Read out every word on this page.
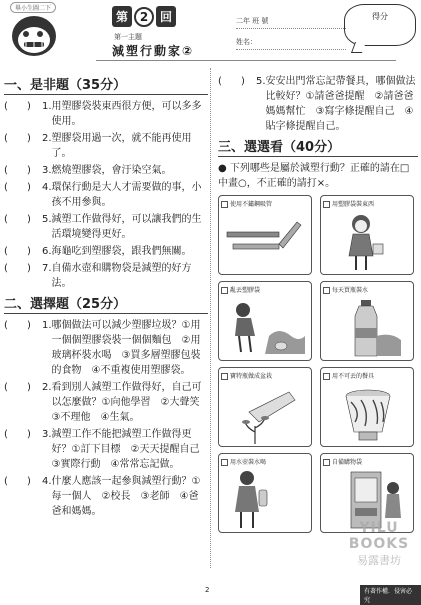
畢小生圖二下
第 2 回
第一主題
減塑行動家②
二年 班 號
姓名：
得分
一、是非題（35分）
(      )	1. 用塑膠袋裝東西很方便，可以多多使用。
(      )	2. 塑膠袋用過一次，就不能再使用了。
(      )	3. 燃燒塑膠袋，會汙染空氣。
(      )	4. 環保行動是大人才需要做的事，小孩不用參與。
(      )	5. 減塑工作做得好，可以讓我們的生活環境變得更好。
(      )	6. 海龜吃到塑膠袋，跟我們無關。
(      )	7. 自備水壺和購物袋是減塑的好方法。
二、選擇題（25分）
(      )	1. 哪個做法可以減少塑膠垃圾？①用一個個塑膠袋裝一個個麵包　②用玻璃杯裝水喝　③買多層塑膠包裝的食物　④不重複使用塑膠袋。
(      )	2. 看到別人減塑工作做得好，自己可以怎麼做？①向他學習　②大聲笑　③不理他　④生氣。
(      )	3. 減塑工作不能把減塑工作做得更好？①訂下目標　②天天提醒自己　③實際行動　④常常忘記做。
(      )	4. 什麼人應該一起參與減塑行動？①每一個人　②校長　③老師　④爸爸和媽媽。
(      )	5. 安安出門常忘記帶餐具，哪個做法比較好？①請爸爸提醒　②請爸爸媽媽幫忙　③寫字條提醒自己　④貼字條提醒自己。
三、選選看（40分）
● 下列哪些是屬於減塑行動？正確的請在□中畫○，不正確的請打×。
使用不鏽鋼吸管	用塑膠袋裝東西
亂丟塑膠袋	每天買瓶裝水
寶特瓶做成盆栽	用不可丟的餐具
用水壺裝水喝	自備購物袋
2
YILU
BOOKS
易露書坊
有著作權．侵害必究
